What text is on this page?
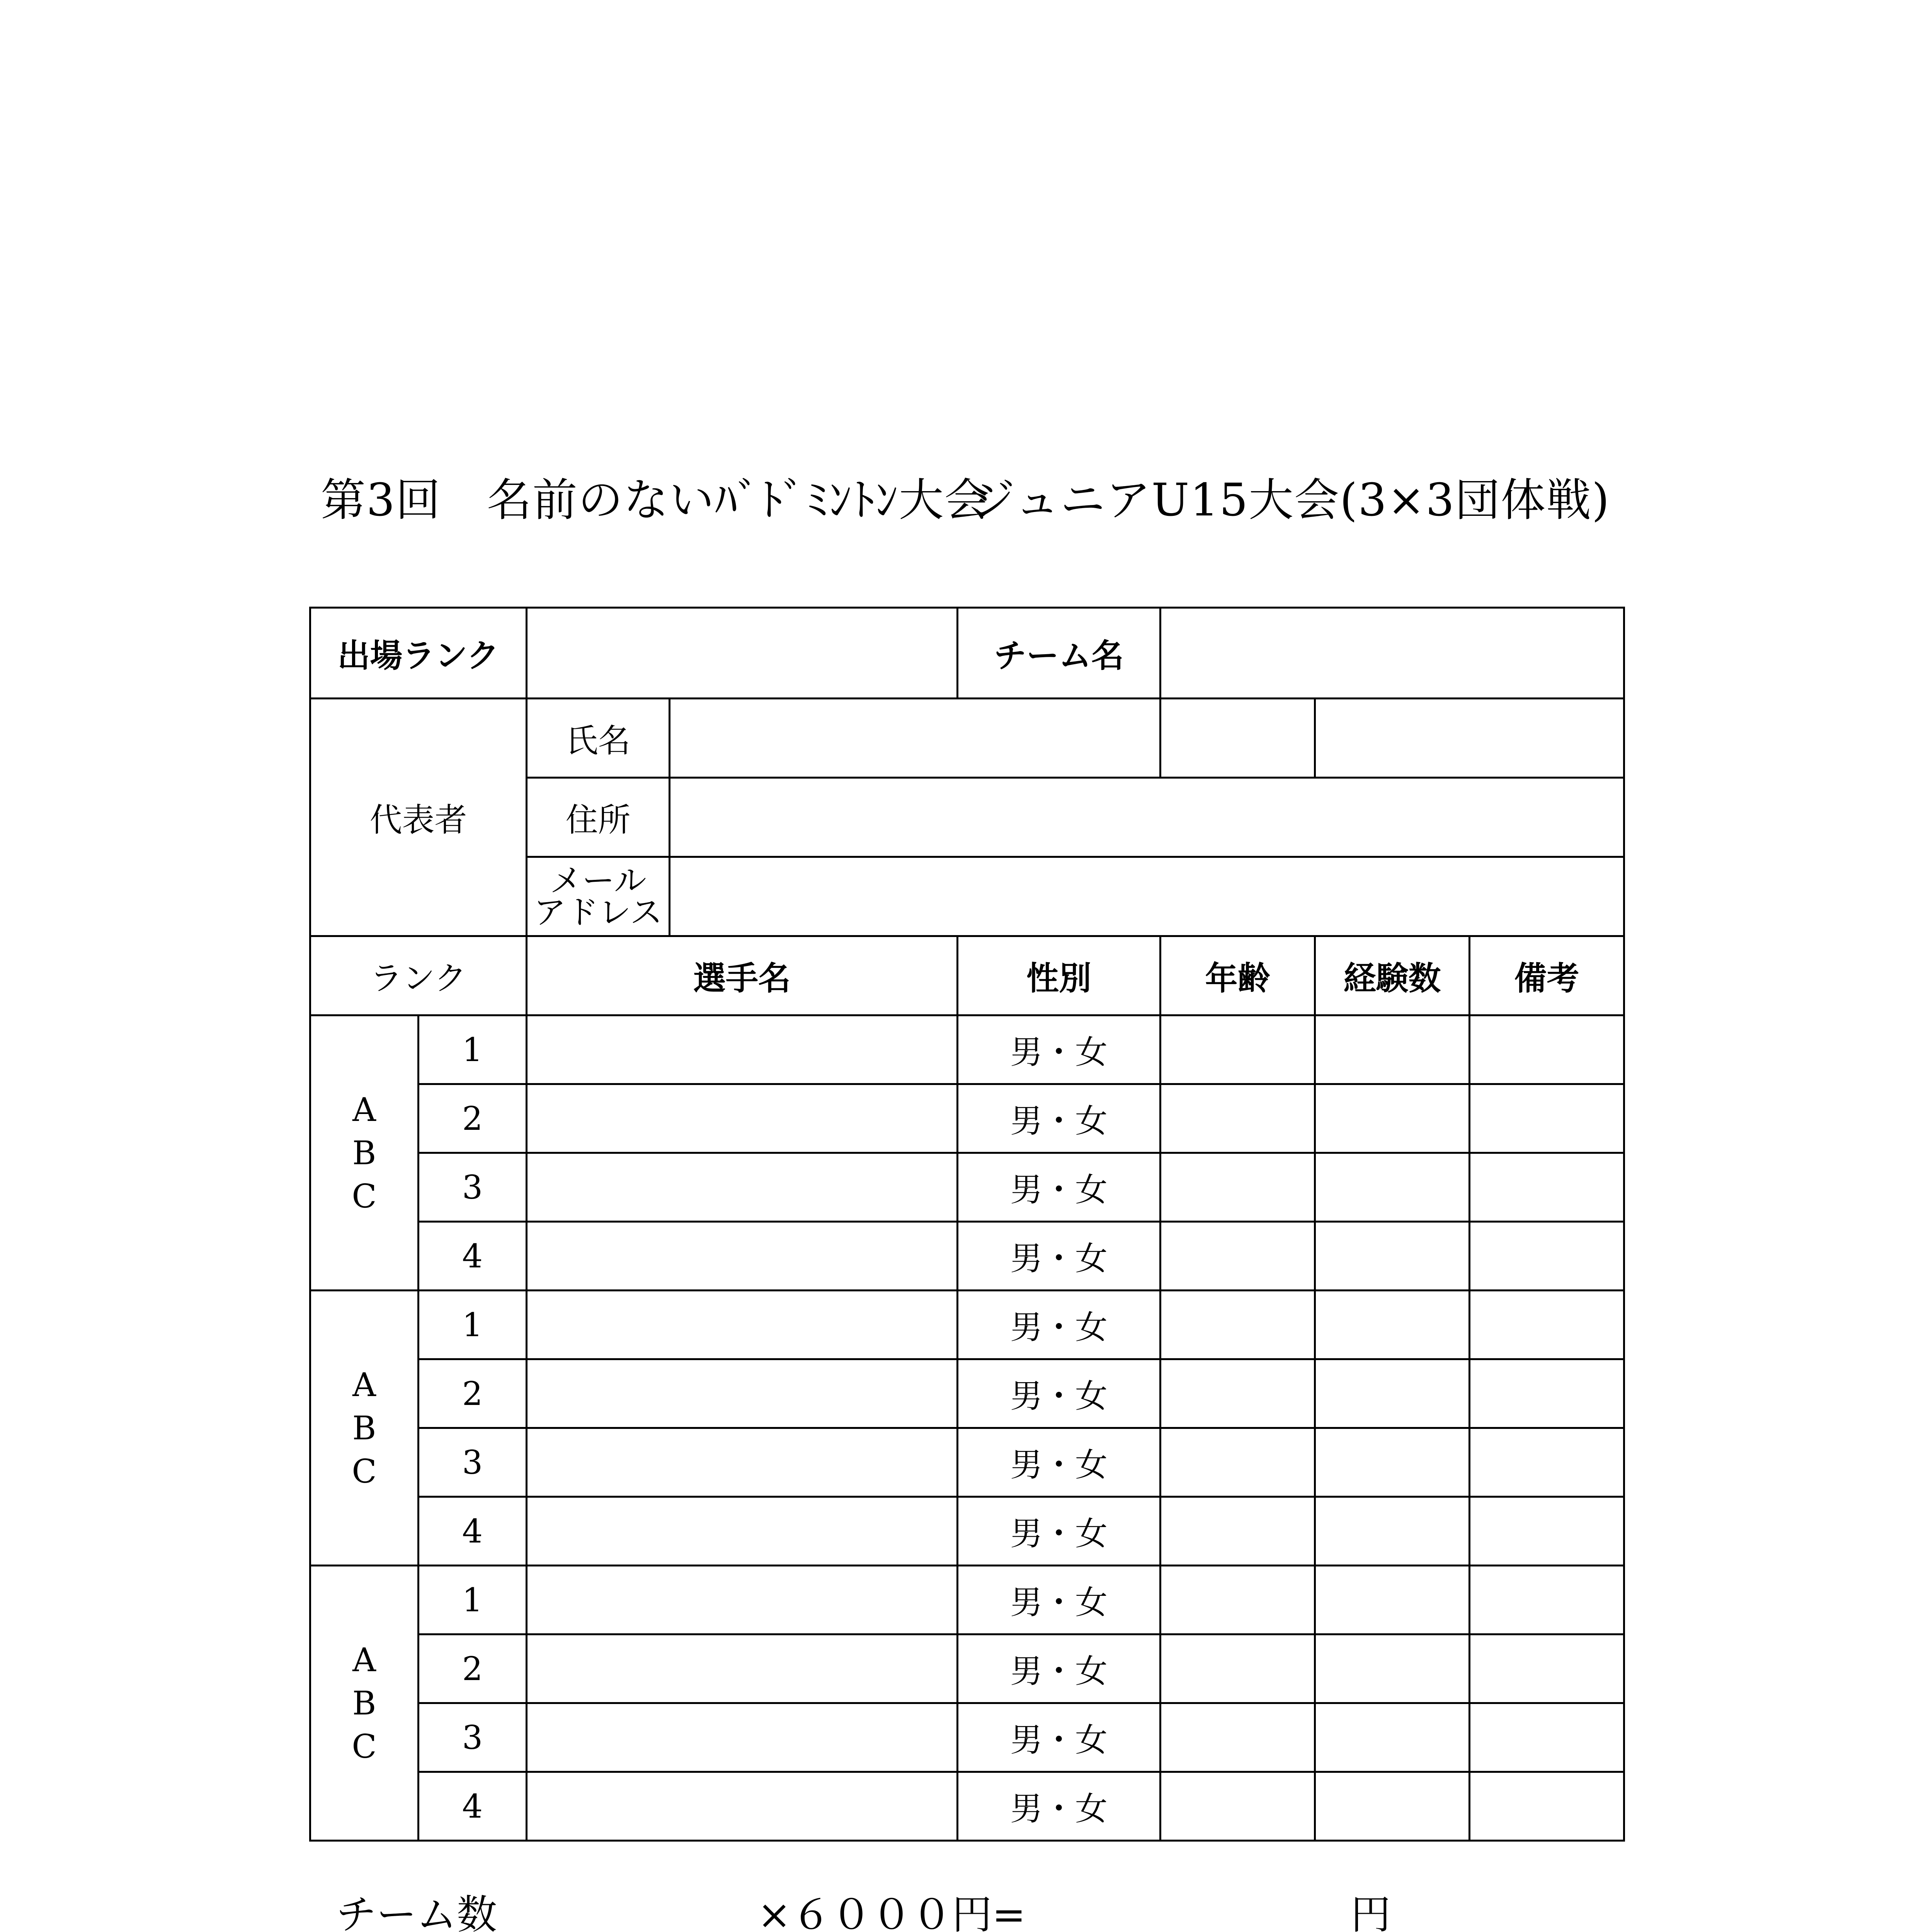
第3回　名前のないﾊﾞﾄﾞﾐﾝﾄﾝ大会
ジュニアU15大会(3×3団体戦)
出場ランク				チーム名			
代表者		氏名					
		住所					

		メール
アドレス					

ランク		選手名		性別	年齢	経験数	備考

A
B
C	1			男・女			
	2			男・女			
	3			男・女			
	4			男・女			

A
B
C	1			男・女			
	2			男・女			
	3			男・女			
	4			男・女			

A
B
C	1			男・女			
	2			男・女			
	3			男・女			
	4			男・女			
チーム数	×６０００円=	円
